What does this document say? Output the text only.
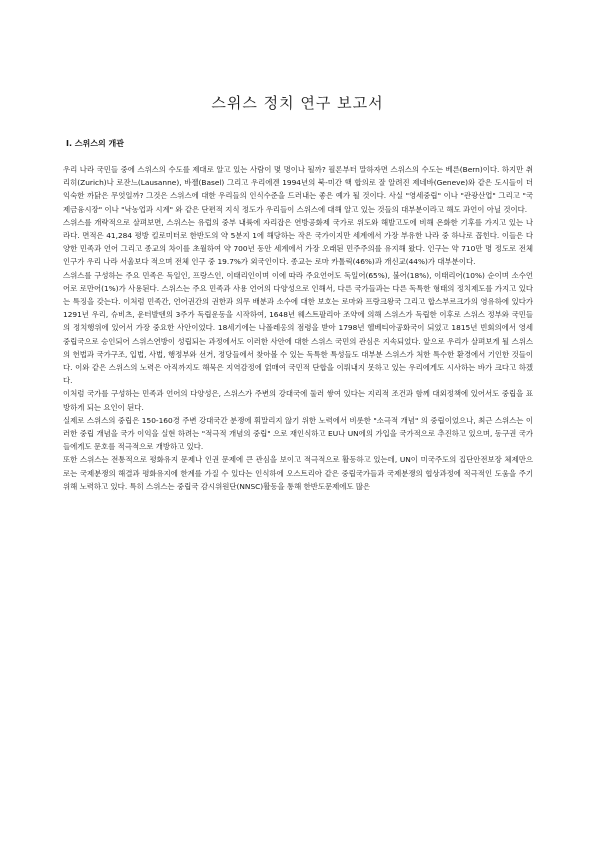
스위스 정치 연구 보고서
Ⅰ. 스위스의 개관

우리 나라 국민들 중에 스위스의 수도를 제대로 알고 있는 사람이 몇 명이나 될까? 필론부터 말하자면 스위스의 수도는 베른(Bern)이다. 하지만 취리히(Zurich)나 로잔느(Lausanne), 바젤(Basel) 그리고 우리에겐 1994년의 북-미간 핵 합의로 잘 알려진 제네바(Geneve)와 같은 도시들이 더 익숙한 까닭은 무엇일까? 그것은 스위스에 대한 우리들의 인식수준을 드러내는 좋은 예가 될 것이다. 사실 "영세중립" 이나 "관광산업" 그리고 "국제금융시장" 이나 "낙농업과 시계" 와 같은 단편적 지식 정도가 우리들이 스위스에 대해 알고 있는 것들의 대부분이라고 해도 과언이 아닐 것이다.

스위스를 개략적으로 살펴보면, 스위스는 유럽의 중부 내륙에 자리잡은 연방공화제 국가로 위도와 해발고도에 비해 온화한 기후를 가지고 있는 나라다. 면적은 41,284 평방 킬로미터로 한반도의 약 5분지 1에 해당하는 작은 국가이지만 세계에서 가장 부유한 나라 중 하나로 꼽힌다. 이들은 다양한 민족과 언어 그리고 종교의 차이를 초월하여 약 700년 동안 세계에서 가장 오래된 민주주의를 유지해 왔다. 인구는 약 710만 명 정도로 전체 인구가 우리 나라 서울보다 적으며 전체 인구 중 19.7%가 외국인이다. 종교는 로마 카톨릭(46%)과 개신교(44%)가 대부분이다.

스위스를 구성하는 주요 민족은 독일인, 프랑스인, 이태리인이며 이에 따라 주요언어도 독일어(65%), 불어(18%), 이태리어(10%) 순이며 소수언어로 로만어(1%)가 사용된다. 스위스는 주요 민족과 사용 언어의 다양성으로 인해서, 다른 국가들과는 다른 독특한 형태의 정치제도를 가지고 있다는 특징을 갖는다. 이처럼 민족간, 언어권간의 권한과 의무 배분과 소수에 대한 보호는 로마와 프랑크왕국 그리고 합스부르크가의 영유하에 있다가 1291년 우리, 슈비츠, 운터발덴의 3주가 독립운동을 시작하여, 1648년 웨스트팔리아 조약에 의해 스위스가 독립한 이후로 스위스 정부와 국민들의 정치행위에 있어서 가장 중요한 사안이었다. 18세기에는 나폴레옹의 점령을 받아 1798년 헬베티아공화국이 되었고 1815년 빈회의에서 영세중립국으로 승인되어 스위스연방이 성립되는 과정에서도 이러한 사안에 대한 스위스 국민의 관심은 지속되었다. 앞으로 우리가 살펴보게 될 스위스의 헌법과 국가구조, 입법, 사법, 행정부와 선거, 정당들에서 찾아볼 수 있는 독특한 특성들도 대부분 스위스가 처한 특수한 환경에서 기인한 것들이다. 이와 같은 스위스의 노력은 아직까지도 해묵은 지역감정에 얽매여 국민적 단합을 이뤄내지 못하고 있는 우리에게도 시사하는 바가 크다고 하겠다.

이처럼 국가를 구성하는 민족과 언어의 다양성은, 스위스가 주변의 강대국에 둘러 쌓여 있다는 지리적 조건과 함께 대외정책에 있어서도 중립을 표방하게 되는 요인이 된다.

실제로 스위스의 중립은 150-160경 주변 강대국간 분쟁에 휘말리지 않기 위한 노력에서 비롯한 "소극적 개념" 의 중립이었으나, 최근 스위스는 이러한 중립 개념을 국가 이익을 실현 하려는 "적극적 개념의 중립" 으로 재인식하고 EU나 UN에의 가입을 국가적으로 추진하고 있으며, 동구권 국가들에게도 문호를 적극적으로 개방하고 있다.

또한 스위스는 전통적으로 평화유지 문제나 인권 문제에 큰 관심을 보이고 적극적으로 활동하고 있는데, UN이 미국주도의 집단안전보장 체제만으로는 국제분쟁의 해결과 평화유지에 한계를 가질 수 있다는 인식하에 오스트리아 같은 중립국가들과 국제분쟁의 협상과정에 적극적인 도움을 주기 위해 노력하고 있다. 특히 스위스는 중립국 감시위원단(NNSC)활동을 통해 한반도문제에도 많은
